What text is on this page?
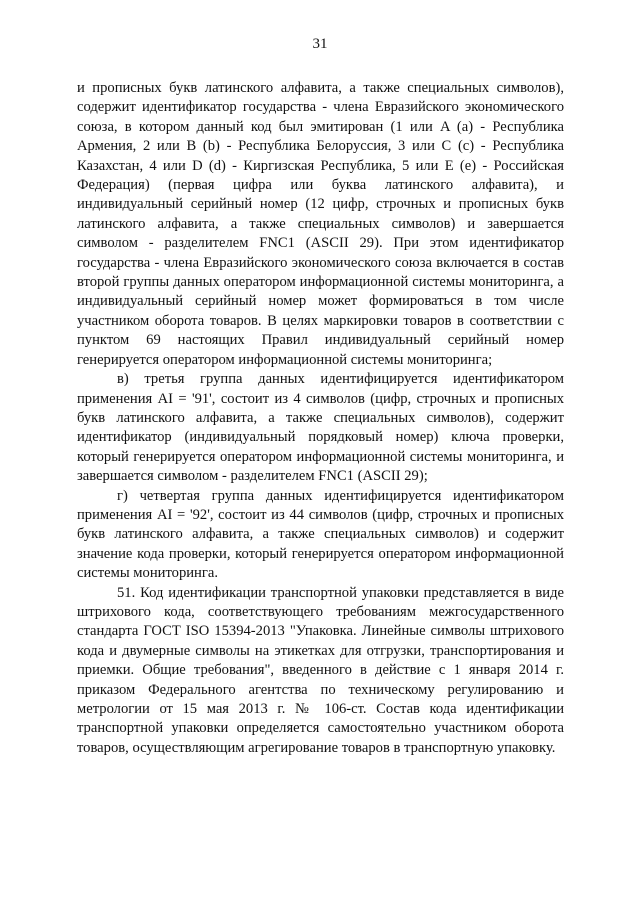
31

и прописных букв латинского алфавита, а также специальных символов), содержит идентификатор государства - члена Евразийского экономического союза, в котором данный код был эмитирован (1 или A (a) - Республика Армения, 2 или B (b) - Республика Белоруссия, 3 или C (c) - Республика Казахстан, 4 или D (d) - Киргизская Республика, 5 или E (e) - Российская Федерация) (первая цифра или буква латинского алфавита), и индивидуальный серийный номер (12 цифр, строчных и прописных букв латинского алфавита, а также специальных символов) и завершается символом - разделителем FNC1 (ASCII 29). При этом идентификатор государства - члена Евразийского экономического союза включается в состав второй группы данных оператором информационной системы мониторинга, а индивидуальный серийный номер может формироваться в том числе участником оборота товаров. В целях маркировки товаров в соответствии с пунктом 69 настоящих Правил индивидуальный серийный номер генерируется оператором информационной системы мониторинга;

в) третья группа данных идентифицируется идентификатором применения AI = '91', состоит из 4 символов (цифр, строчных и прописных букв латинского алфавита, а также специальных символов), содержит идентификатор (индивидуальный порядковый номер) ключа проверки, который генерируется оператором информационной системы мониторинга, и завершается символом - разделителем FNC1 (ASCII 29);

г) четвертая группа данных идентифицируется идентификатором применения AI = '92', состоит из 44 символов (цифр, строчных и прописных букв латинского алфавита, а также специальных символов) и содержит значение кода проверки, который генерируется оператором информационной системы мониторинга.

51. Код идентификации транспортной упаковки представляется в виде штрихового кода, соответствующего требованиям межгосударственного стандарта ГОСТ ISO 15394-2013 "Упаковка. Линейные символы штрихового кода и двумерные символы на этикетках для отгрузки, транспортирования и приемки. Общие требования", введенного в действие с 1 января 2014 г. приказом Федерального агентства по техническому регулированию и метрологии от 15 мая 2013 г. № 106-ст. Состав кода идентификации транспортной упаковки определяется самостоятельно участником оборота товаров, осуществляющим агрегирование товаров в транспортную упаковку.
